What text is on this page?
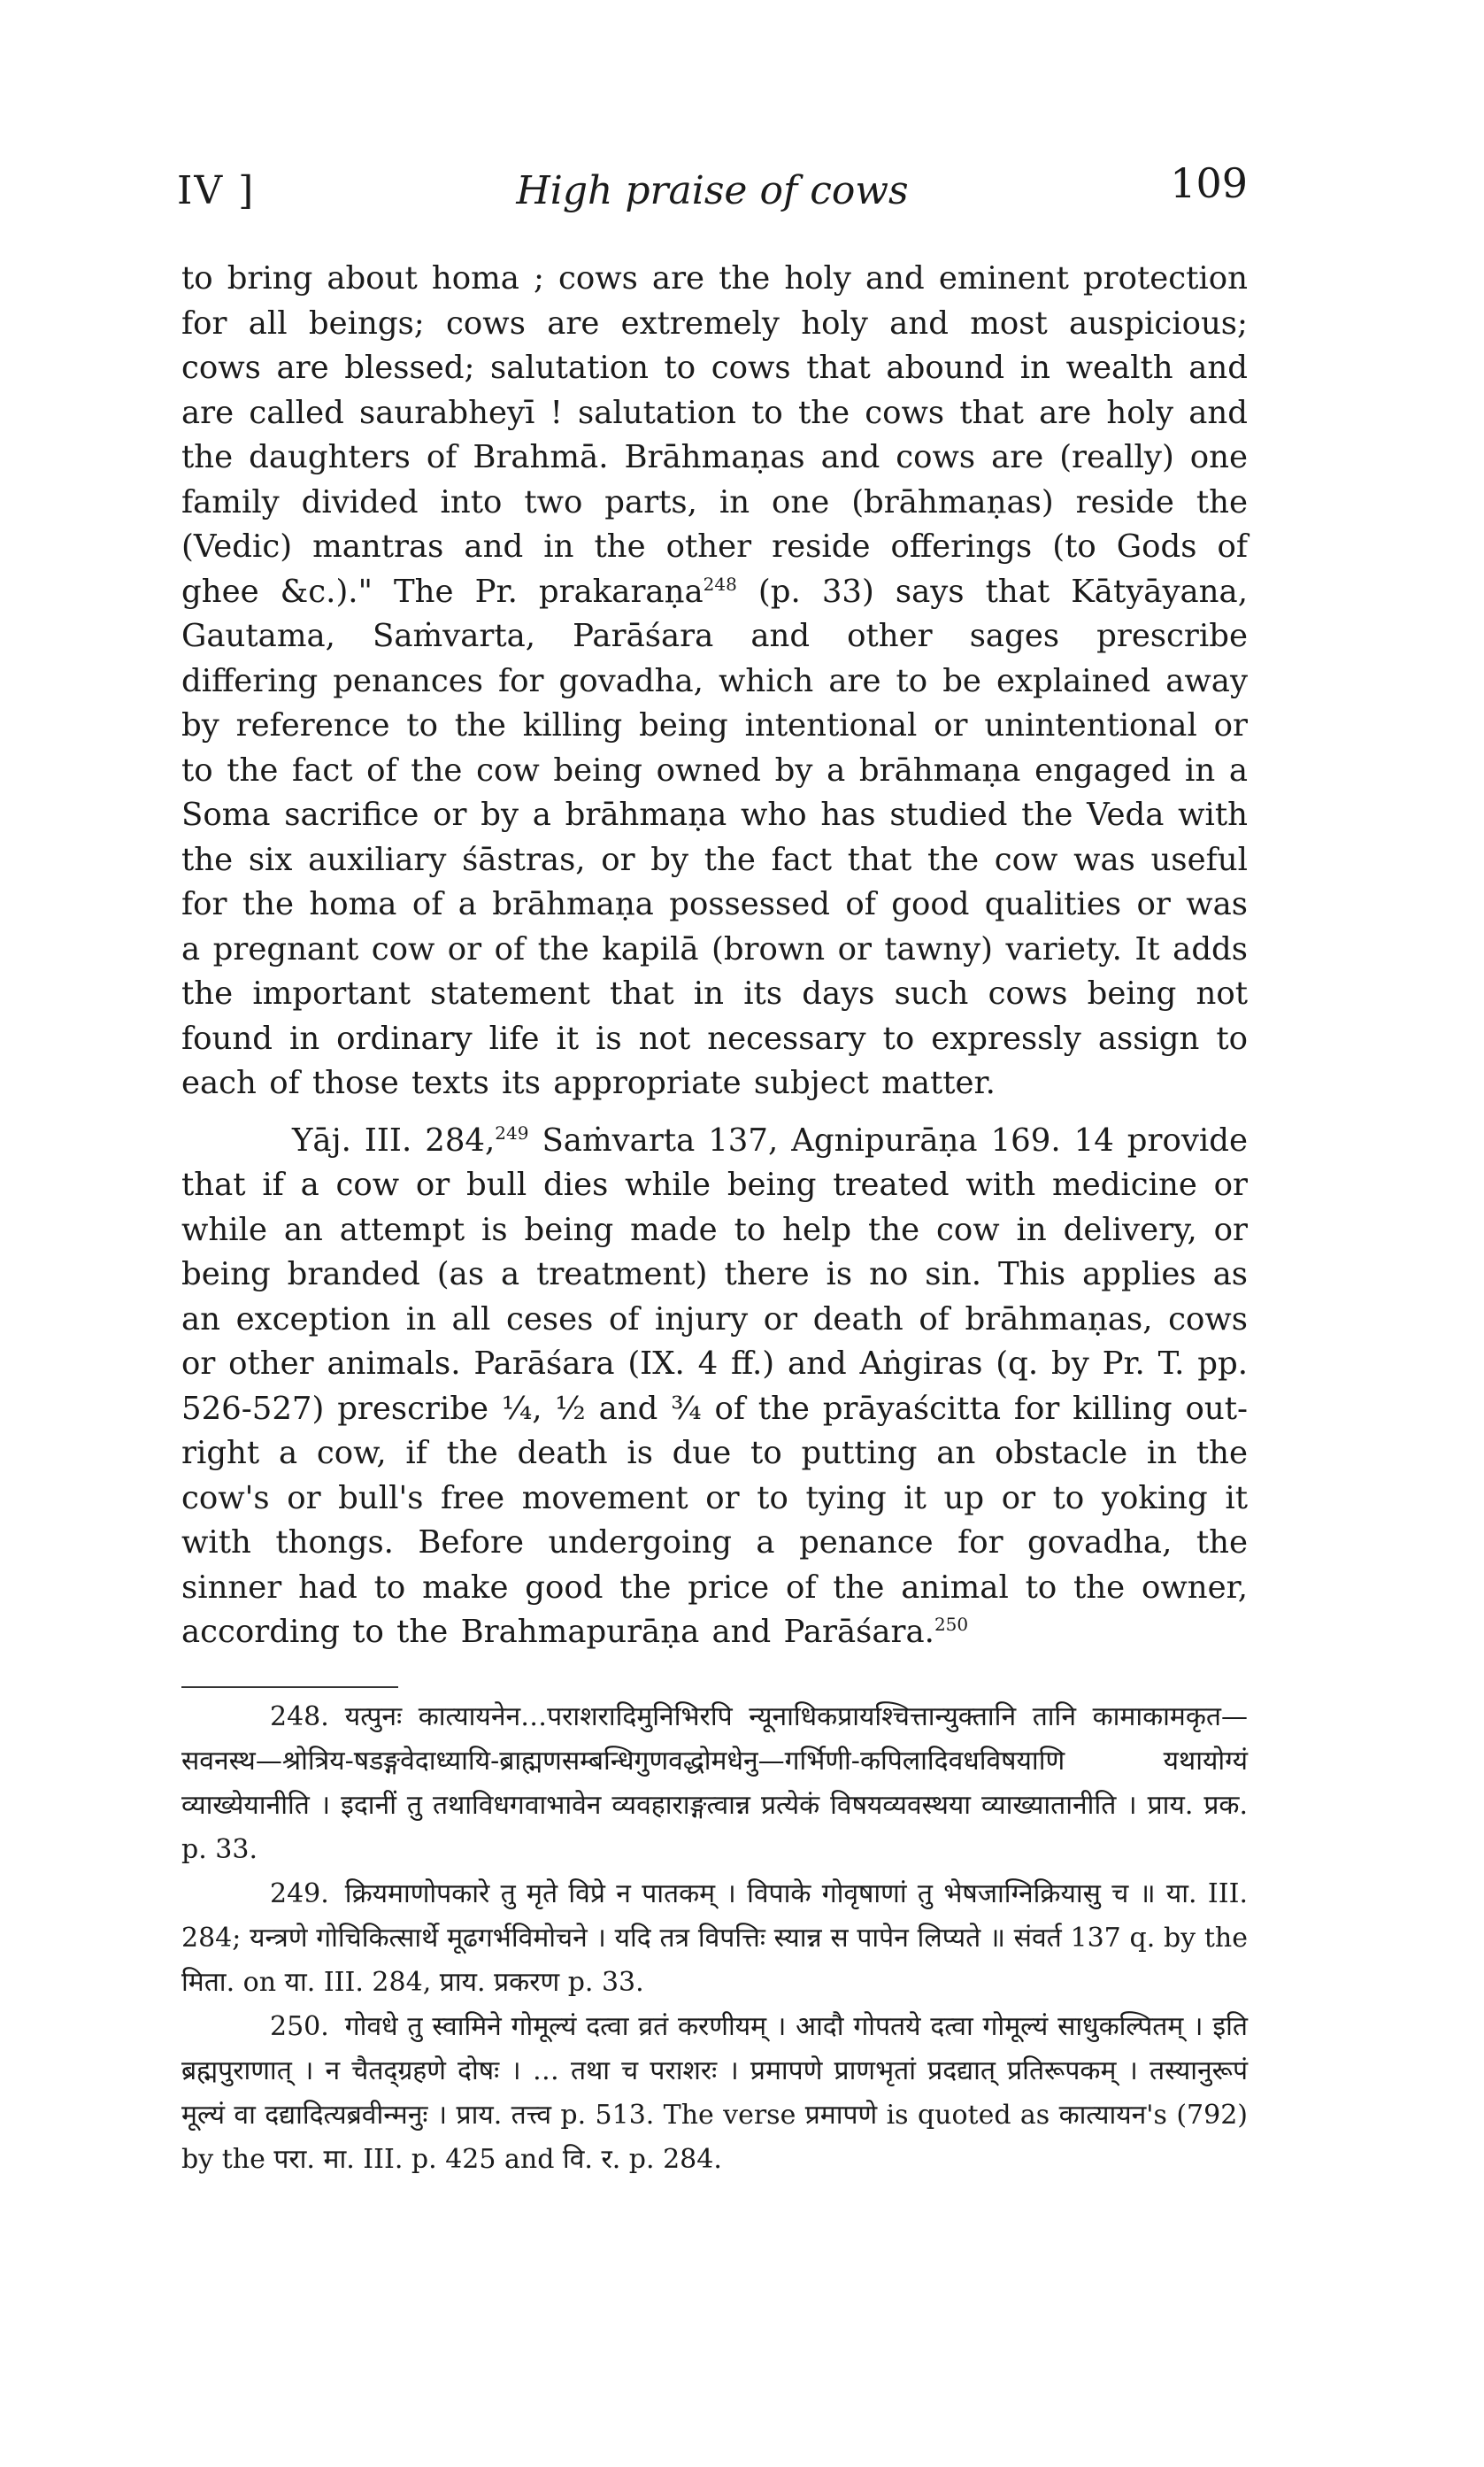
IV ]	High praise of cows	109

to bring about homa ; cows are the holy and eminent protection for all beings; cows are extremely holy and most auspicious; cows are blessed; salutation to cows that abound in wealth and are called saurabheyī ! salutation to the cows that are holy and the daughters of Brahmā. Brāhmaṇas and cows are (really) one family divided into two parts, in one (brāhmaṇas) reside the (Vedic) mantras and in the other reside offerings (to Gods of ghee &c.)." The Pr. prakaraṇa$^{248}$ (p. 33) says that Kātyāyana, Gautama, Saṁvarta, Parāśara and other sages prescribe differing penances for govadha, which are to be explained away by reference to the killing being intentional or unintentional or to the fact of the cow being owned by a brāhmaṇa engaged in a Soma sacrifice or by a brāhmaṇa who has studied the Veda with the six auxiliary śāstras, or by the fact that the cow was useful for the homa of a brāhmaṇa possessed of good qualities or was a pregnant cow or of the kapilā (brown or tawny) variety. It adds the important statement that in its days such cows being not found in ordinary life it is not necessary to expressly assign to each of those texts its appropriate subject matter.

Yāj. III. 284,$^{249}$ Saṁvarta 137, Agnipurāṇa 169. 14 provide that if a cow or bull dies while being treated with medicine or while an attempt is being made to help the cow in delivery, or being branded (as a treatment) there is no sin. This applies as an exception in all ceses of injury or death of brāhmaṇas, cows or other animals. Parāśara (IX. 4 ff.) and Aṅgiras (q. by Pr. T. pp. 526-527) prescribe ¼, ½ and ¾ of the prāyaścitta for killing out-right a cow, if the death is due to putting an obstacle in the cow's or bull's free movement or to tying it up or to yoking it with thongs. Before undergoing a penance for govadha, the sinner had to make good the price of the animal to the owner, according to the Brahmapurāṇa and Parāśara.$^{250}$

248. यत्पुनः कात्यायनेन…पराशरादिमुनिभिरपि न्यूनाधिकप्रायश्चित्तान्युक्तानि तानि कामाकामकृत—सवनस्थ—श्रोत्रिय-षडङ्गवेदाध्यायि-ब्राह्मणसम्बन्धिगुणवद्धोमधेनु—गर्भिणी-कपिलादिवधविषयाणि यथायोग्यं व्याख्येयानीति । इदानीं तु तथाविधगवाभावेन व्यवहाराङ्गत्वान्न प्रत्येकं विषयव्यवस्थया व्याख्यातानीति । प्राय. प्रक. p. 33.

249. क्रियमाणोपकारे तु मृते विप्रे न पातकम् । विपाके गोवृषाणां तु भेषजाग्निक्रियासु च ॥ या. III. 284; यन्त्रणे गोचिकित्सार्थे मूढगर्भविमोचने । यदि तत्र विपत्तिः स्यान्न स पापेन लिप्यते ॥ संवर्त 137 q. by the मिता. on या. III. 284, प्राय. प्रकरण p. 33.

250. गोवधे तु स्वामिने गोमूल्यं दत्वा व्रतं करणीयम् । आदौ गोपतये दत्वा गोमूल्यं साधुकल्पितम् । इति ब्रह्मपुराणात् । न चैतद्ग्रहणे दोषः । … तथा च पराशरः । प्रमापणे प्राणभृतां प्रदद्यात् प्रतिरूपकम् । तस्यानुरूपं मूल्यं वा दद्यादित्यब्रवीन्मनुः । प्राय. तत्त्व p. 513. The verse प्रमापणे is quoted as कात्यायन's (792) by the परा. मा. III. p. 425 and वि. र. p. 284.
